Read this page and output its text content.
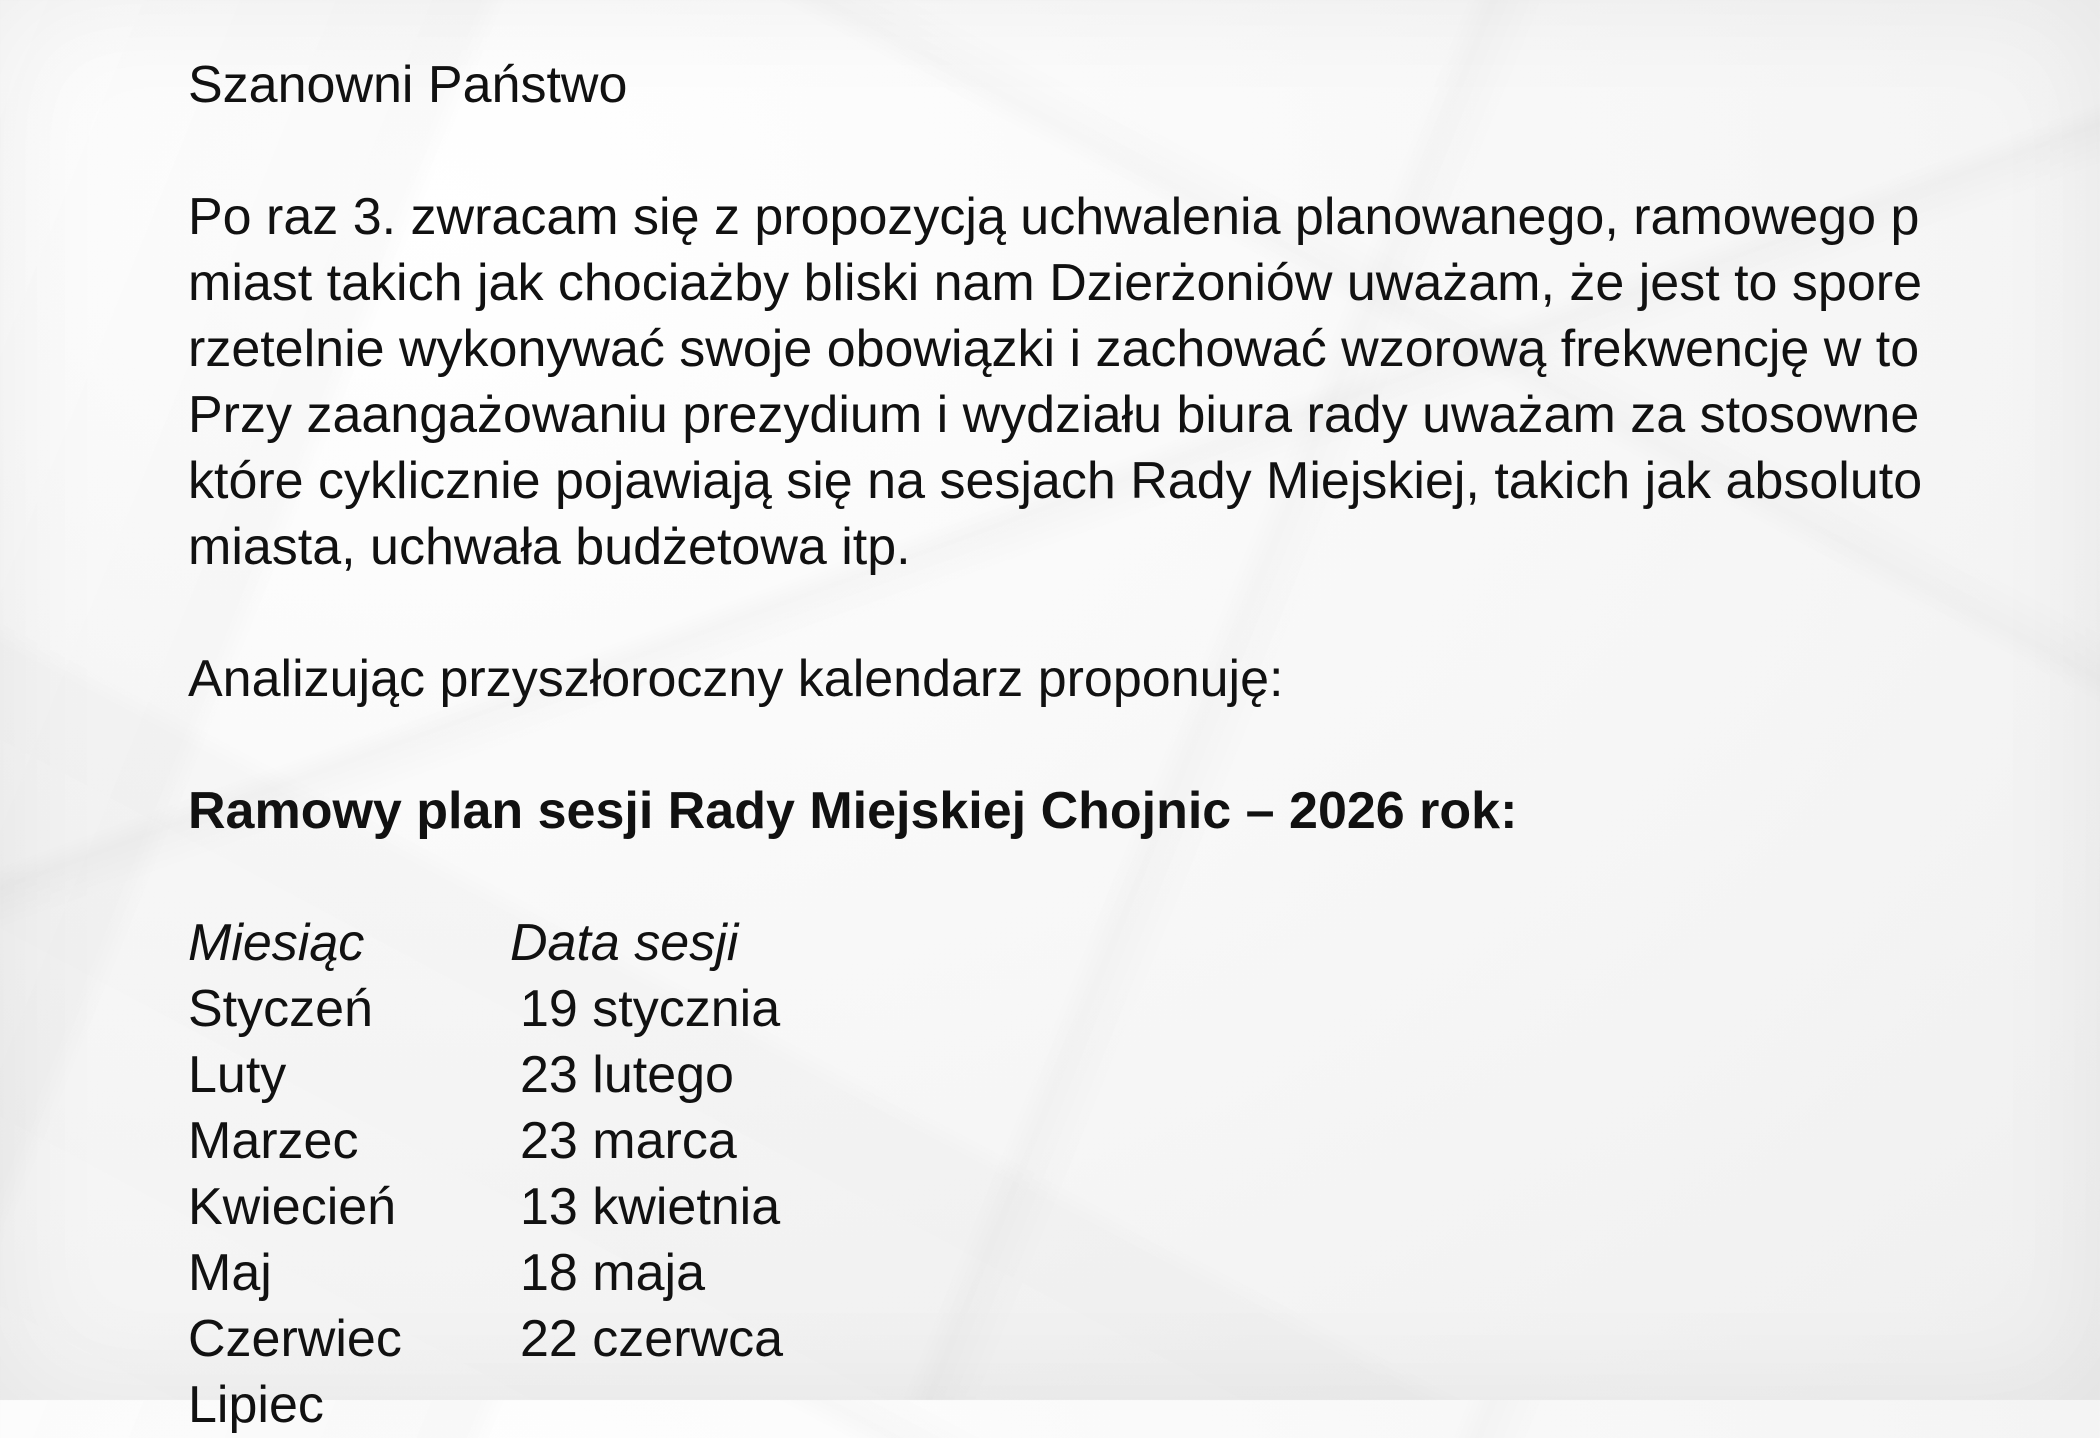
Szanowni Państwo

Po raz 3. zwracam się z propozycją uchwalenia planowanego, ramowego p

miast takich jak chociażby bliski nam Dzierżoniów uważam, że jest to spore

rzetelnie wykonywać swoje obowiązki i zachować wzorową frekwencję w to

Przy zaangażowaniu prezydium i wydziału biura rady uważam za stosowne

które cyklicznie pojawiają się na sesjach Rady Miejskiej, takich jak absoluto

miasta, uchwała budżetowa itp.

Analizując przyszłoroczny kalendarz proponuję:

Ramowy plan sesji Rady Miejskiej Chojnic – 2026 rok:

Miesiąc	Data sesji
Styczeń	19 stycznia
Luty	23 lutego
Marzec	23 marca
Kwiecień	13 kwietnia
Maj	18 maja
Czerwiec	22 czerwca
Lipiec
